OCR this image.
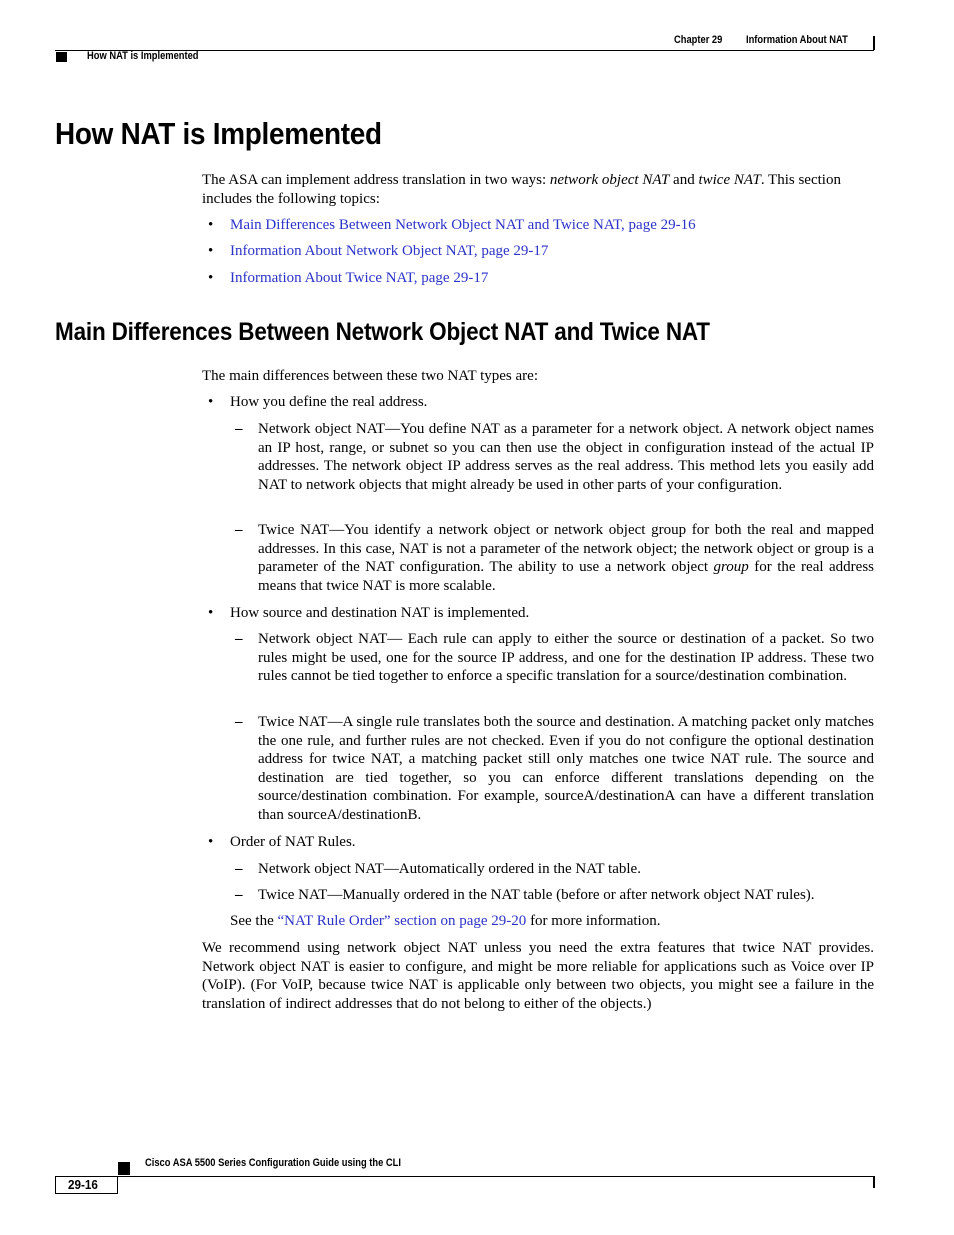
Chapter 29 Information About NAT
How NAT is Implemented
How NAT is Implemented

The ASA can implement address translation in two ways: network object NAT and twice NAT. This section includes the following topics:

• Main Differences Between Network Object NAT and Twice NAT, page 29-16
• Information About Network Object NAT, page 29-17
• Information About Twice NAT, page 29-17
Main Differences Between Network Object NAT and Twice NAT
The main differences between these two NAT types are:
• How you define the real address.
– Network object NAT—You define NAT as a parameter for a network object. A network object names an IP host, range, or subnet so you can then use the object in configuration instead of the actual IP addresses. The network object IP address serves as the real address. This method lets you easily add NAT to network objects that might already be used in other parts of your configuration.
– Twice NAT—You identify a network object or network object group for both the real and mapped addresses. In this case, NAT is not a parameter of the network object; the network object or group is a parameter of the NAT configuration. The ability to use a network object group for the real address means that twice NAT is more scalable.
• How source and destination NAT is implemented.
– Network object NAT— Each rule can apply to either the source or destination of a packet. So two rules might be used, one for the source IP address, and one for the destination IP address. These two rules cannot be tied together to enforce a specific translation for a source/destination combination.
– Twice NAT—A single rule translates both the source and destination. A matching packet only matches the one rule, and further rules are not checked. Even if you do not configure the optional destination address for twice NAT, a matching packet still only matches one twice NAT rule. The source and destination are tied together, so you can enforce different translations depending on the source/destination combination. For example, sourceA/destinationA can have a different translation than sourceA/destinationB.
• Order of NAT Rules.
– Network object NAT—Automatically ordered in the NAT table.
– Twice NAT—Manually ordered in the NAT table (before or after network object NAT rules).
See the “NAT Rule Order” section on page 29-20 for more information.
We recommend using network object NAT unless you need the extra features that twice NAT provides. Network object NAT is easier to configure, and might be more reliable for applications such as Voice over IP (VoIP). (For VoIP, because twice NAT is applicable only between two objects, you might see a failure in the translation of indirect addresses that do not belong to either of the objects.)
Cisco ASA 5500 Series Configuration Guide using the CLI
29-16
